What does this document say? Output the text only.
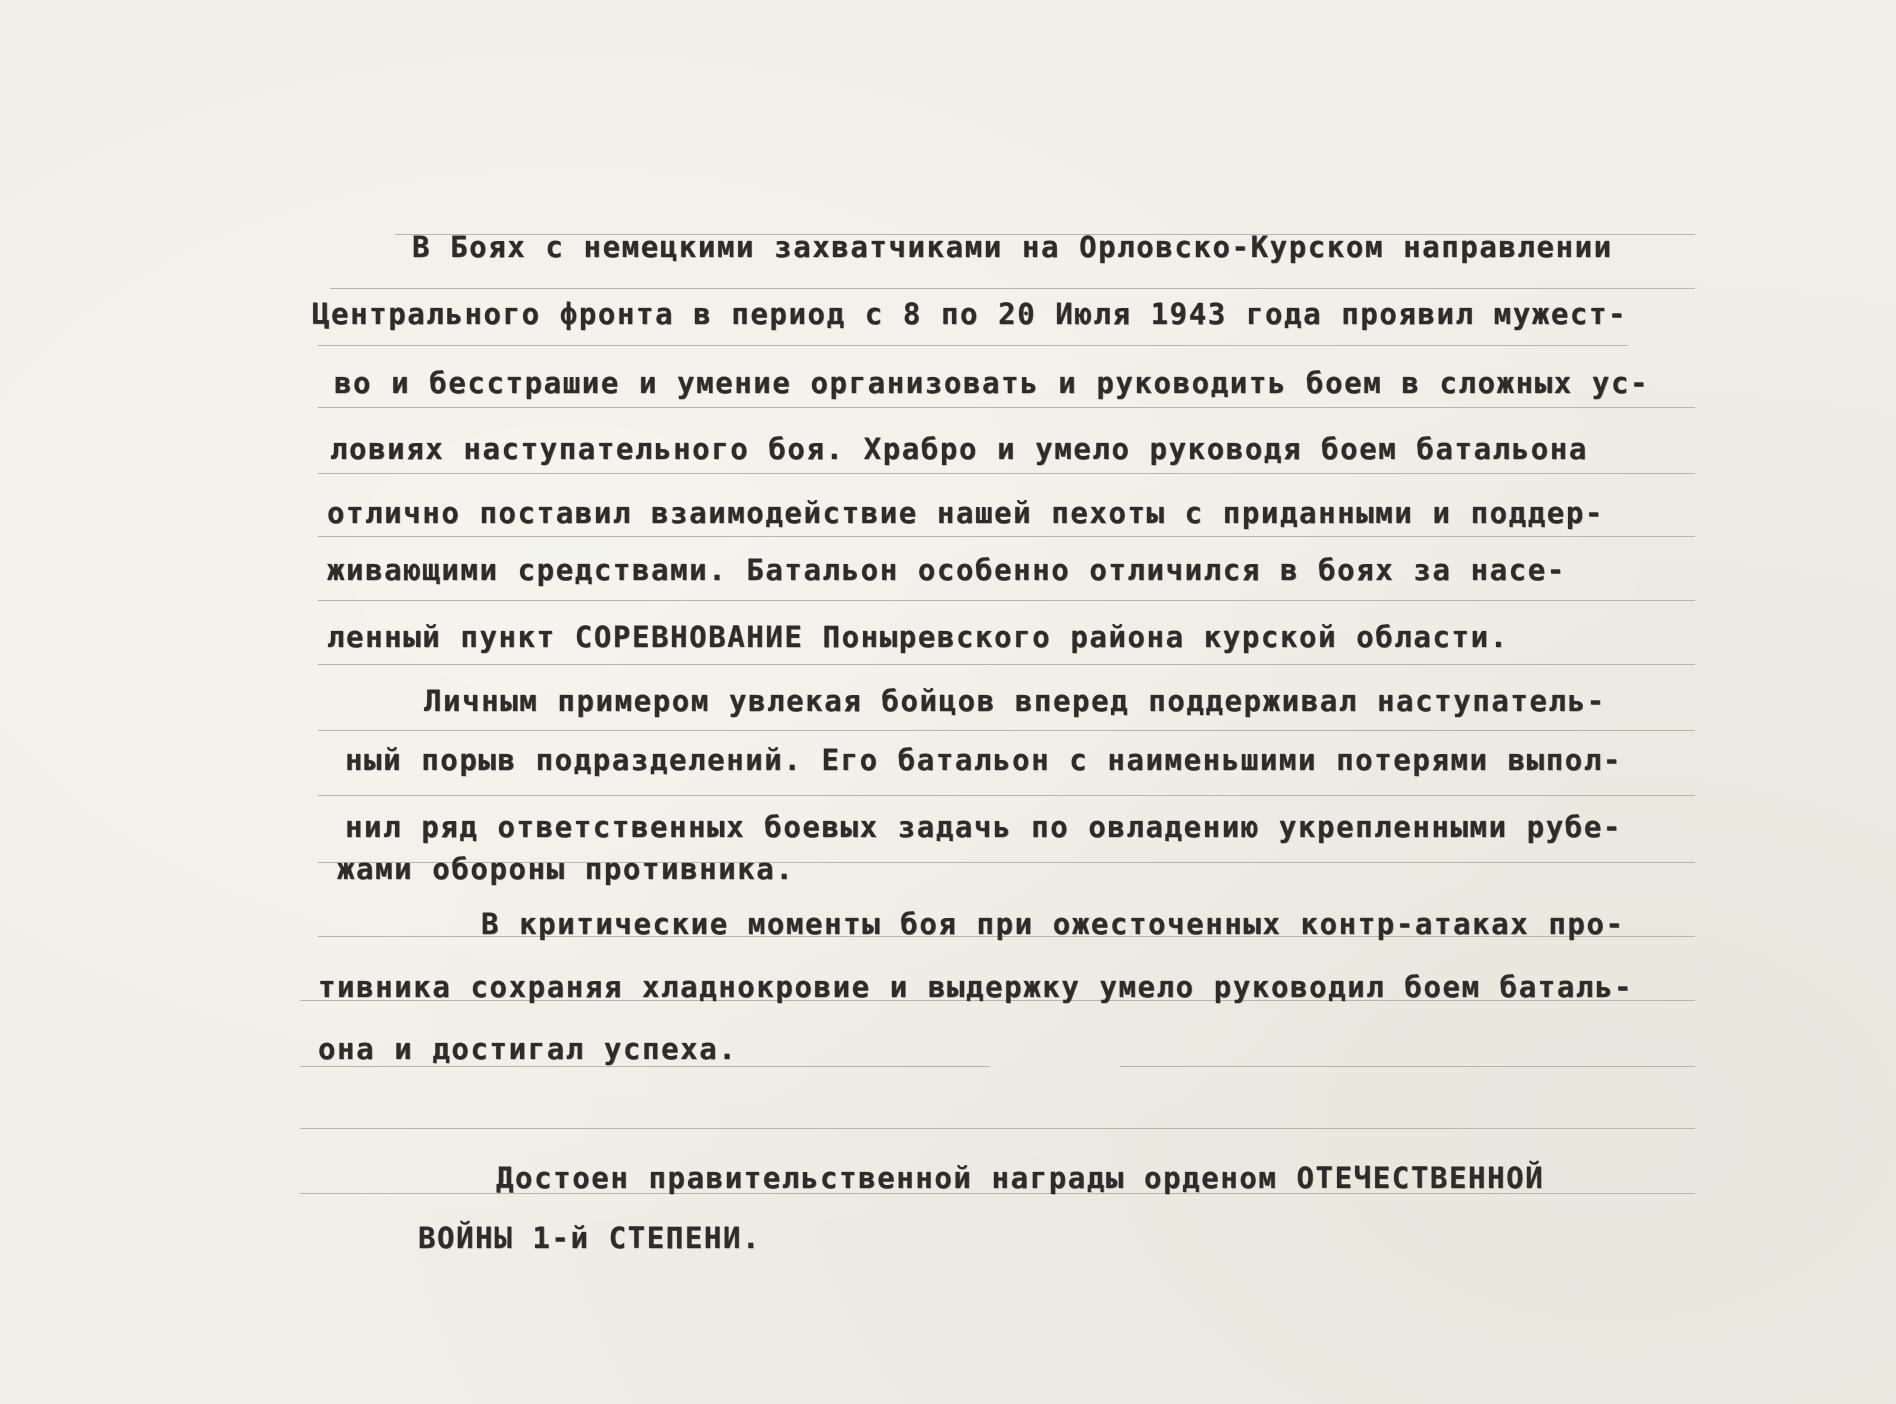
В Боях с немецкими захватчиками на Орловско-Курском направлении
Центрального фронта в период с 8 по 20 Июля 1943 года проявил мужест-
во и бесстрашие и умение организовать и руководить боем в сложных ус-
ловиях наступательного боя. Храбро и умело руководя боем батальона
отлично поставил взаимодействие нашей пехоты с приданными и поддер-
живающими средствами. Батальон особенно отличился в боях за насе-
ленный пункт СОРЕВНОВАНИЕ Поныревского района курской области.
Личным примером увлекая бойцов вперед поддерживал наступатель-
ный порыв подразделений. Его батальон с наименьшими потерями выпол-
нил ряд ответственных боевых задачь по овладению укрепленными рубе-
жами обороны противника.
В критические моменты боя при ожесточенных контр-атаках про-
тивника сохраняя хладнокровие и выдержку умело руководил боем баталь-
она и достигал успеха.
Достоен правительственной награды орденом ОТЕЧЕСТВЕННОЙ
ВОЙНЫ 1-й СТЕПЕНИ.
